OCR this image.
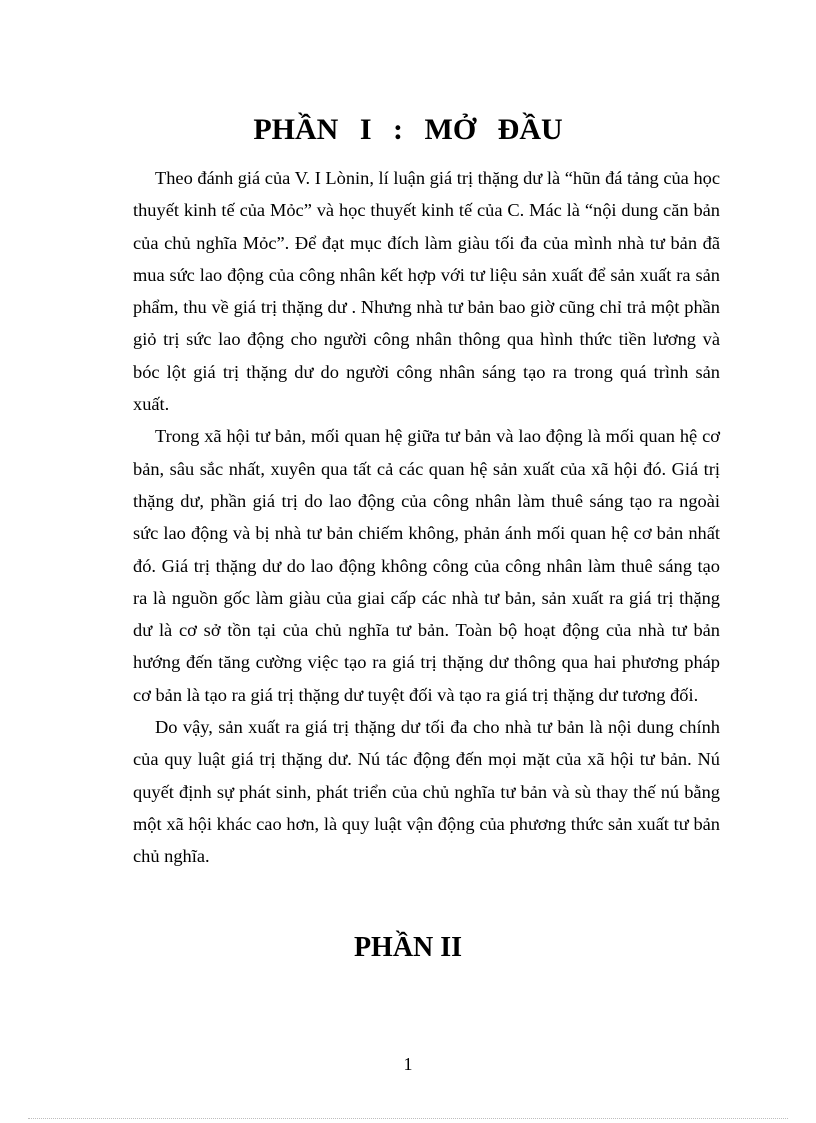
PHẦN I : MỞ ĐẦU

Theo đánh giá của V. I Lònin, lí luận giá trị thặng dư là “hũn đá tảng của học thuyết kinh tế của Mỏc” và học thuyết kinh tế của C. Mác là “nội dung căn bản của chủ nghĩa Mỏc”. Để đạt mục đích làm giàu tối đa của mình nhà tư bản đã mua sức lao động của công nhân kết hợp với tư liệu sản xuất để sản xuất ra sản phẩm, thu về giá trị thặng dư . Nhưng nhà tư bản bao giờ cũng chỉ trả một phần giỏ trị sức lao động cho người công nhân thông qua hình thức tiền lương và bóc lột giá trị thặng dư do người công nhân sáng tạo ra trong quá trình sản xuất.

Trong xã hội tư bản, mối quan hệ giữa tư bản và lao động là mối quan hệ cơ bản, sâu sắc nhất, xuyên qua tất cả các quan hệ sản xuất của xã hội đó. Giá trị thặng dư, phần giá trị do lao động của công nhân làm thuê sáng tạo ra ngoài sức lao động và bị nhà tư bản chiếm không, phản ánh mối quan hệ cơ bản nhất đó. Giá trị thặng dư do lao động không công của công nhân làm thuê sáng tạo ra là nguồn gốc làm giàu của giai cấp các nhà tư bản, sản xuất ra giá trị thặng dư là cơ sở tồn tại của chủ nghĩa tư bản. Toàn bộ hoạt động của nhà tư bản hướng đến tăng cường việc tạo ra giá trị thặng dư thông qua hai phương pháp cơ bản là tạo ra giá trị thặng dư tuyệt đối và tạo ra giá trị thặng dư tương đối.

Do vậy, sản xuất ra giá trị thặng dư tối đa cho nhà tư bản là nội dung chính của quy luật giá trị thặng dư. Nú tác động đến mọi mặt của xã hội tư bản. Nú quyết định sự phát sinh, phát triển của chủ nghĩa tư bản và sù thay thế nú bằng một xã hội khác cao hơn, là quy luật vận động của phương thức sản xuất tư bản chủ nghĩa.

PHẦN II

1
